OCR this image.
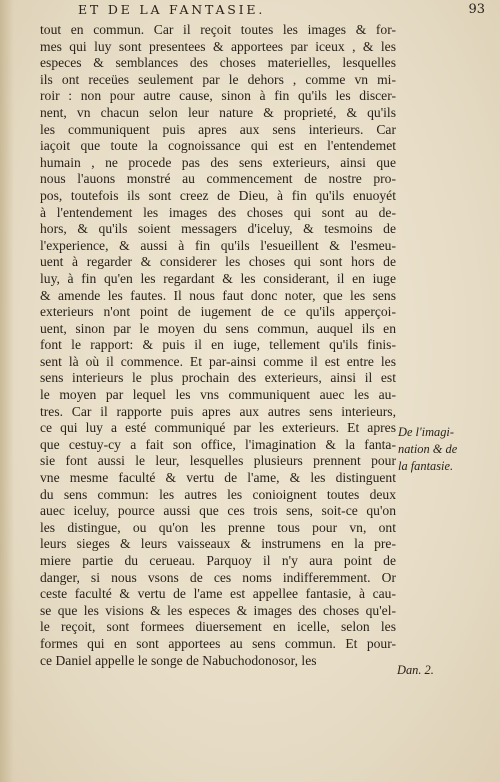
ET DE LA FANTASIE.	93
tout en commun. Car il reçoit toutes les images & for-
mes qui luy sont presentees & apportees par iceux , & les
especes & semblances des choses materielles, lesquelles
ils ont receües seulement par le dehors , comme vn mi-
roir : non pour autre cause, sinon à fin qu'ils les discer-
nent, vn chacun selon leur nature & proprieté, & qu'ils
les communiquent puis apres aux sens interieurs. Car
iaçoit que toute la cognoissance qui est en l'entendemet
humain , ne procede pas des sens exterieurs, ainsi que
nous l'auons monstré au commencement de nostre pro-
pos, toutefois ils sont creez de Dieu, à fin qu'ils enuoyét
à l'entendement les images des choses qui sont au de-
hors, & qu'ils soient messagers d'iceluy, & tesmoins de
l'experience, & aussi à fin qu'ils l'esueillent & l'esmeu-
uent à regarder & considerer les choses qui sont hors de
luy, à fin qu'en les regardant & les considerant, il en iuge
& amende les fautes. Il nous faut donc noter, que les sens
exterieurs n'ont point de iugement de ce qu'ils apperçoi-
uent, sinon par le moyen du sens commun, auquel ils en
font le rapport: & puis il en iuge, tellement qu'ils finis-
sent là où il commence. Et par-ainsi comme il est entre les
sens interieurs le plus prochain des exterieurs, ainsi il est
le moyen par lequel les vns communiquent auec les au-
tres. Car il rapporte puis apres aux autres sens interieurs,
ce qui luy a esté communiqué par les exterieurs. Et apres
que cestuy-cy a fait son office, l'imagination & la fanta-
sie font aussi le leur, lesquelles plusieurs prennent pour
vne mesme faculté & vertu de l'ame, & les distinguent
du sens commun: les autres les conioignent toutes deux
auec iceluy, pource aussi que ces trois sens, soit-ce qu'on
les distingue, ou qu'on les prenne tous pour vn, ont
leurs sieges & leurs vaisseaux & instrumens en la pre-
miere partie du cerueau. Parquoy il n'y aura point de
danger, si nous vsons de ces noms indifferemment. Or
ceste faculté & vertu de l'ame est appellee fantasie, à cau-
se que les visions & les especes & images des choses qu'el-
le reçoit, sont formees diuersement en icelle, selon les
formes qui en sont apportees au sens commun. Et pour-
ce Daniel appelle le songe de Nabuchodonosor, les
De l'imagi-
nation & de
la fantasie.
Dan. 2.
